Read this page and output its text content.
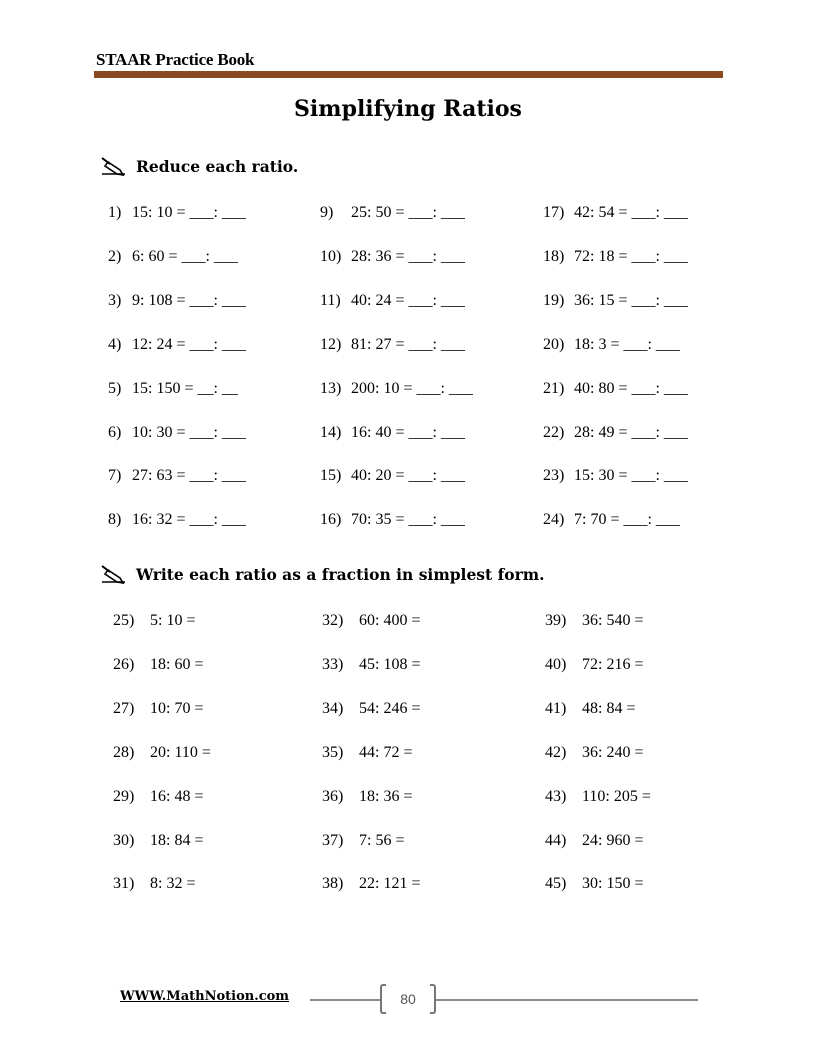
STAAR Practice Book
Simplifying Ratios
Reduce each ratio.
1) 15: 10 = ___: ___
2) 6: 60 = ___: ___
3) 9: 108 = ___: ___
4) 12: 24 = ___: ___
5) 15: 150 = __: __
6) 10: 30 = ___: ___
7) 27: 63 = ___: ___
8) 16: 32 = ___: ___
9) 25: 50 = ___: ___
10) 28: 36 = ___: ___
11) 40: 24 = ___: ___
12) 81: 27 = ___: ___
13) 200: 10 = ___: ___
14) 16: 40 = ___: ___
15) 40: 20 = ___: ___
16) 70: 35 = ___: ___
17) 42: 54 = ___: ___
18) 72: 18 = ___: ___
19) 36: 15 = ___: ___
20) 18: 3 = ___: ___
21) 40: 80 = ___: ___
22) 28: 49 = ___: ___
23) 15: 30 = ___: ___
24) 7: 70 = ___: ___
Write each ratio as a fraction in simplest form.
25) 5: 10 =
26) 18: 60 =
27) 10: 70 =
28) 20: 110 =
29) 16: 48 =
30) 18: 84 =
31) 8: 32 =
32) 60: 400 =
33) 45: 108 =
34) 54: 246 =
35) 44: 72 =
36) 18: 36 =
37) 7: 56 =
38) 22: 121 =
39) 36: 540 =
40) 72: 216 =
41) 48: 84 =
42) 36: 240 =
43) 110: 205 =
44) 24: 960 =
45) 30: 150 =
WWW.MathNotion.com	80
